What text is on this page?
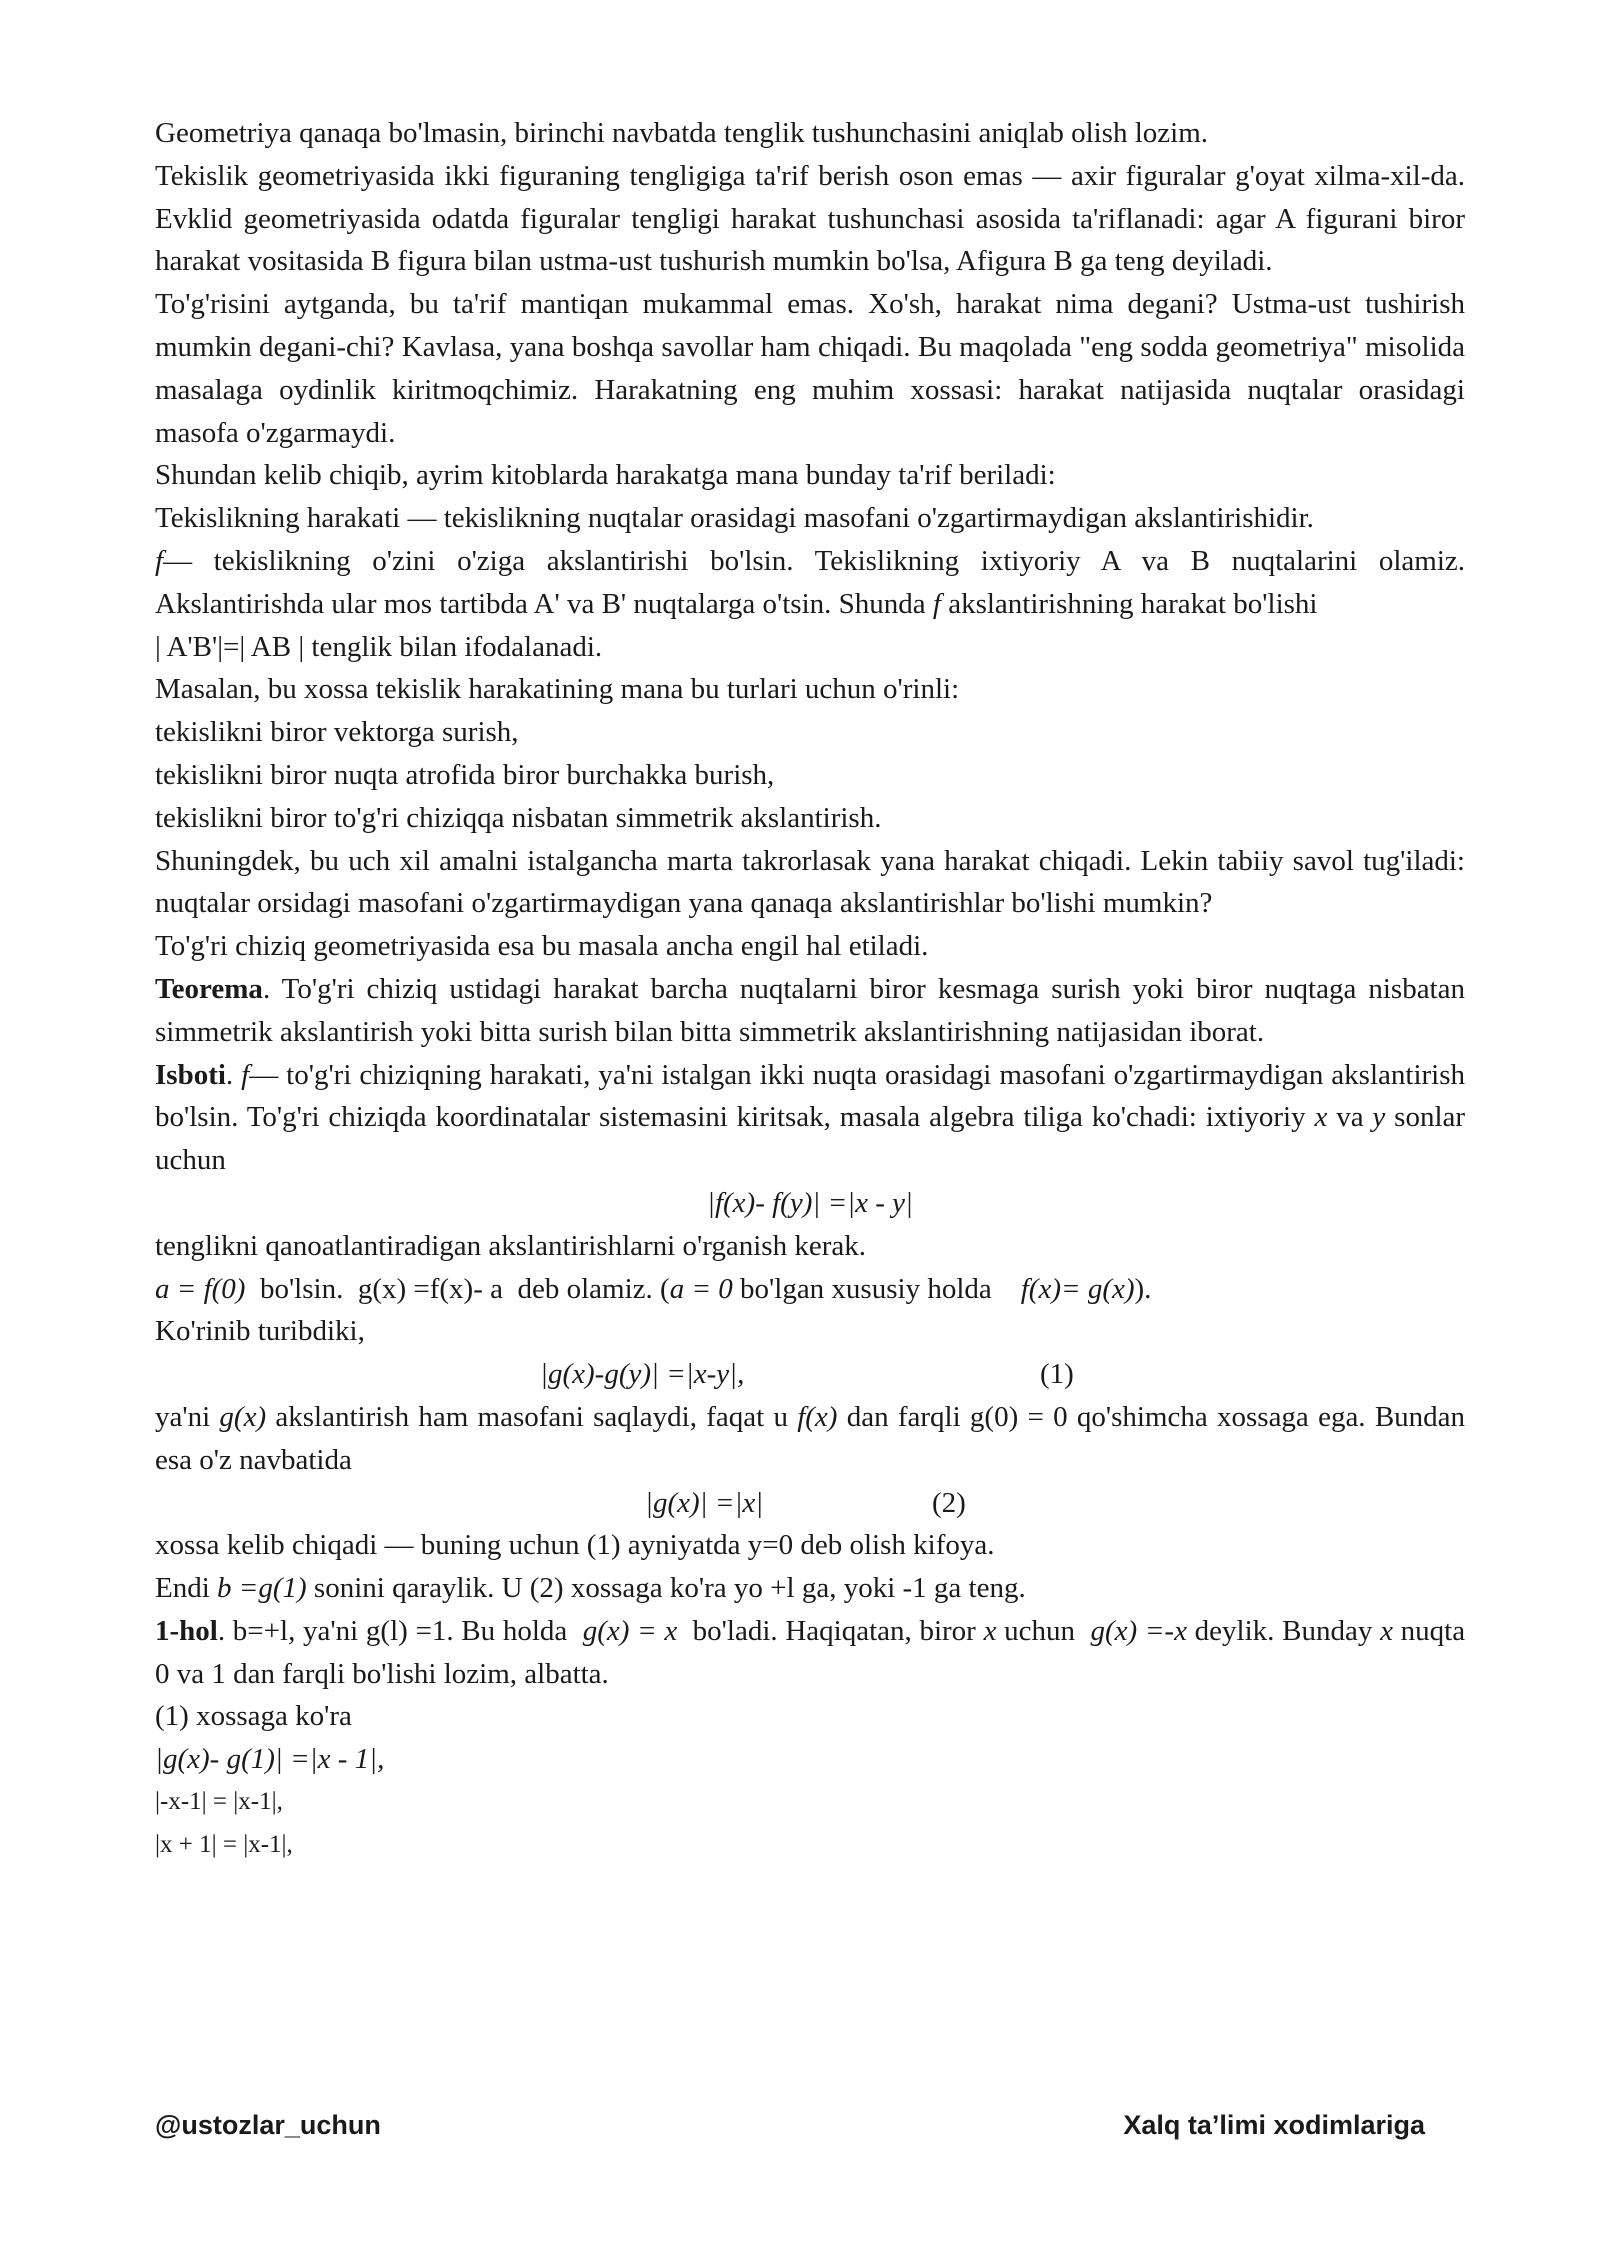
Geometriya qanaqa bo'lmasin, birinchi navbatda tenglik tushunchasini aniqlab olish lozim.

Tekislik geometriyasida ikki figuraning tengligiga ta'rif berish oson emas — axir figuralar g'oyat xilma-xil-da. Evklid geometriyasida odatda figuralar tengligi harakat tushunchasi asosida ta'riflanadi: agar A figurani biror harakat vositasida B figura bilan ustma-ust tushurish mumkin bo'lsa, Afigura B ga teng deyiladi.

To'g'risini aytganda, bu ta'rif mantiqan mukammal emas. Xo'sh, harakat nima degani? Ustma-ust tushirish mumkin degani-chi? Kavlasa, yana boshqa savollar ham chiqadi. Bu maqolada "eng sodda geometriya" misolida masalaga oydinlik kiritmoqchimiz. Harakatning eng muhim xossasi: harakat natijasida nuqtalar orasidagi masofa o'zgarmaydi.

Shundan kelib chiqib, ayrim kitoblarda harakatga mana bunday ta'rif beriladi:

Tekislikning harakati — tekislikning nuqtalar orasidagi masofani o'zgartirmaydigan akslantirishidir.

f— tekislikning o'zini o'ziga akslantirishi bo'lsin. Tekislikning ixtiyoriy A va B nuqtalarini olamiz. Akslantirishda ular mos tartibda A' va B' nuqtalarga o'tsin. Shunda f akslantirishning harakat bo'lishi
| A'B'|=| AB | tenglik bilan ifodalanadi.

Masalan, bu xossa tekislik harakatining mana bu turlari uchun o'rinli:

tekislikni biror vektorga surish,

tekislikni biror nuqta atrofida biror burchakka burish,

tekislikni biror to'g'ri chiziqqa nisbatan simmetrik akslantirish.

Shuningdek, bu uch xil amalni istalgancha marta takrorlasak yana harakat chiqadi. Lekin tabiiy savol tug'iladi: nuqtalar orsidagi masofani o'zgartirmaydigan yana qanaqa akslantirishlar bo'lishi mumkin?

To'g'ri chiziq geometriyasida esa bu masala ancha engil hal etiladi.

Teorema. To'g'ri chiziq ustidagi harakat barcha nuqtalarni biror kesmaga surish yoki biror nuqtaga nisbatan simmetrik akslantirish yoki bitta surish bilan bitta simmetrik akslantirishning natijasidan iborat.

Isboti. f— to'g'ri chiziqning harakati, ya'ni istalgan ikki nuqta orasidagi masofani o'zgartirmaydigan akslantirish bo'lsin. To'g'ri chiziqda koordinatalar sistemasini kiritsak, masala algebra tiliga ko'chadi: ixtiyoriy x va y sonlar uchun

|f(x)- f(y)| =|x - y|

tenglikni qanoatlantiradigan akslantirishlarni o'rganish kerak.

a = f(0) bo'lsin. g(x) =f(x)- a deb olamiz. (a = 0 bo'lgan xususiy holda f(x)= g(x)).
Ko'rinib turibdiki,

|g(x)-g(y)| =|x-y|,	(1)

ya'ni g(x) akslantirish ham masofani saqlaydi, faqat u f(x) dan farqli g(0) = 0 qo'shimcha xossaga ega. Bundan esa o'z navbatida

|g(x)| =|x|	(2)

xossa kelib chiqadi — buning uchun (1) ayniyatda y=0 deb olish kifoya.

Endi b =g(1) sonini qaraylik. U (2) xossaga ko'ra yo +l ga, yoki -1 ga teng.

1-hol. b=+l, ya'ni g(l) =1. Bu holda g(x) = x bo'ladi. Haqiqatan, biror x uchun g(x) =-x deylik. Bunday x nuqta 0 va 1 dan farqli bo'lishi lozim, albatta.

(1) xossaga ko'ra

|g(x)- g(1)| =|x - 1|,

|-x-1| = |x-1|,

|x + 1| = |x-1|,

@ustozlar_uchun	Xalq ta’limi xodimlariga
